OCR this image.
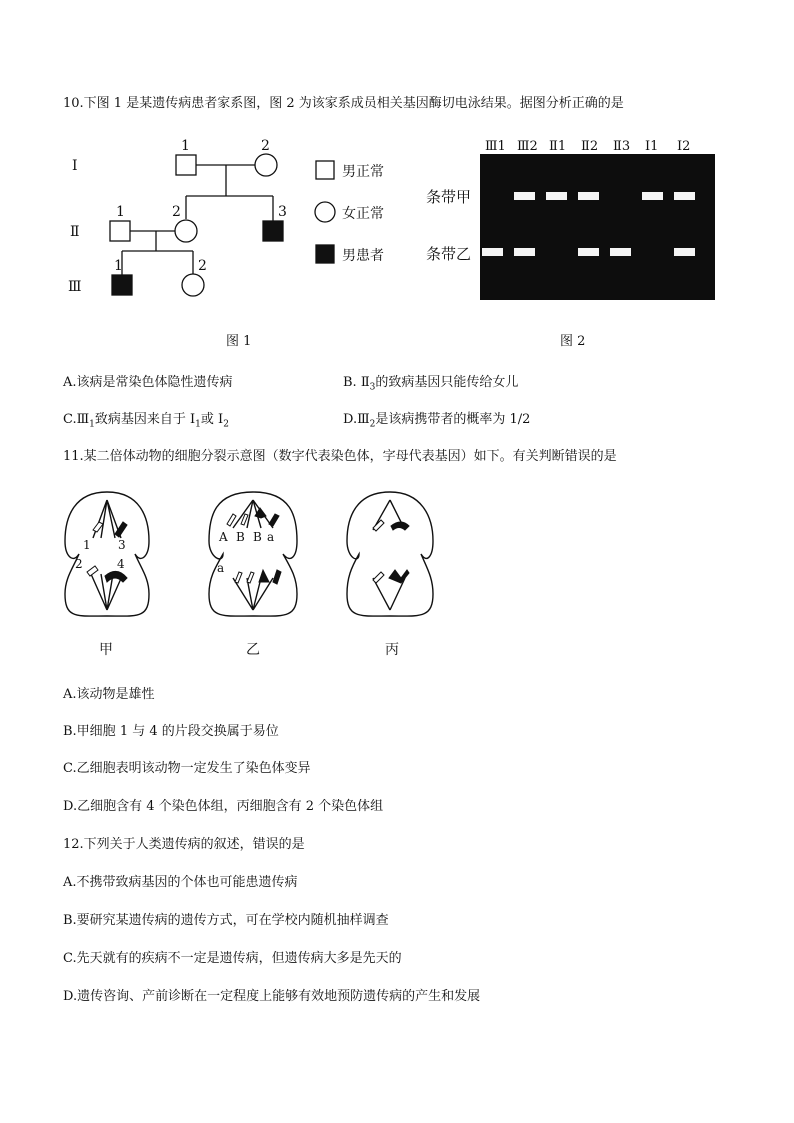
10.下图 1 是某遗传病患者家系图，图 2 为该家系成员相关基因酶切电泳结果。据图分析正确的是
Ⅰ
Ⅱ
Ⅲ
1	2
1	2	3
1	2
男正常
女正常
男患者
图 1
Ⅲ1 Ⅲ2 Ⅱ1 Ⅱ2 Ⅱ3 Ⅰ1 Ⅰ2
条带甲
条带乙
图 2
A.该病是常染色体隐性遗传病	B. $Ⅱ_3$的致病基因只能传给女儿
$C.Ⅲ_1$致病基因来自于 $Ⅰ_1$或 $Ⅰ_2$	$D.Ⅲ_2$是该病携带者的概率为 1/2
11.某二倍体动物的细胞分裂示意图（数字代表染色体，字母代表基因）如下。有关判断错误的是
1 3
2	4
A B B a
a
甲	乙	丙
A.该动物是雄性
B.甲细胞 1 与 4 的片段交换属于易位
C.乙细胞表明该动物一定发生了染色体变异
D.乙细胞含有 4 个染色体组，丙细胞含有 2 个染色体组
12.下列关于人类遗传病的叙述，错误的是
A.不携带致病基因的个体也可能患遗传病
B.要研究某遗传病的遗传方式，可在学校内随机抽样调查
C.先天就有的疾病不一定是遗传病，但遗传病大多是先天的
D.遗传咨询、产前诊断在一定程度上能够有效地预防遗传病的产生和发展
